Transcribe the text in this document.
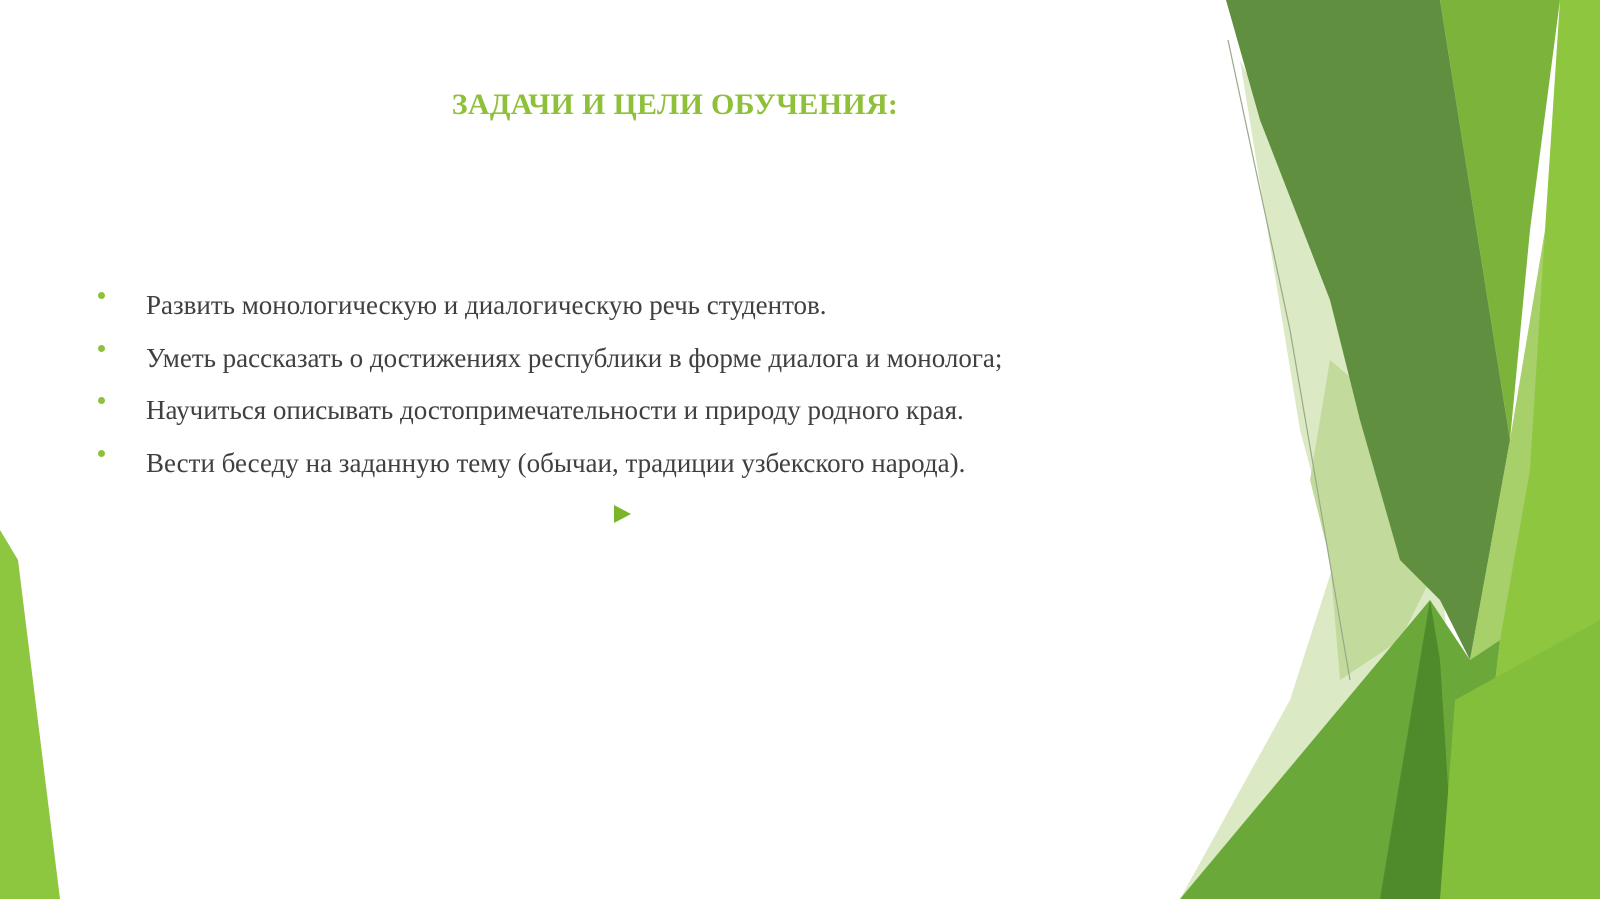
ЗАДАЧИ И ЦЕЛИ ОБУЧЕНИЯ:
Развить монологическую и диалогическую речь студентов.
Уметь рассказать о достижениях республики в форме диалога и монолога;
Научиться описывать достопримечательности и природу родного края.
Вести беседу на заданную тему (обычаи, традиции узбекского народа).
